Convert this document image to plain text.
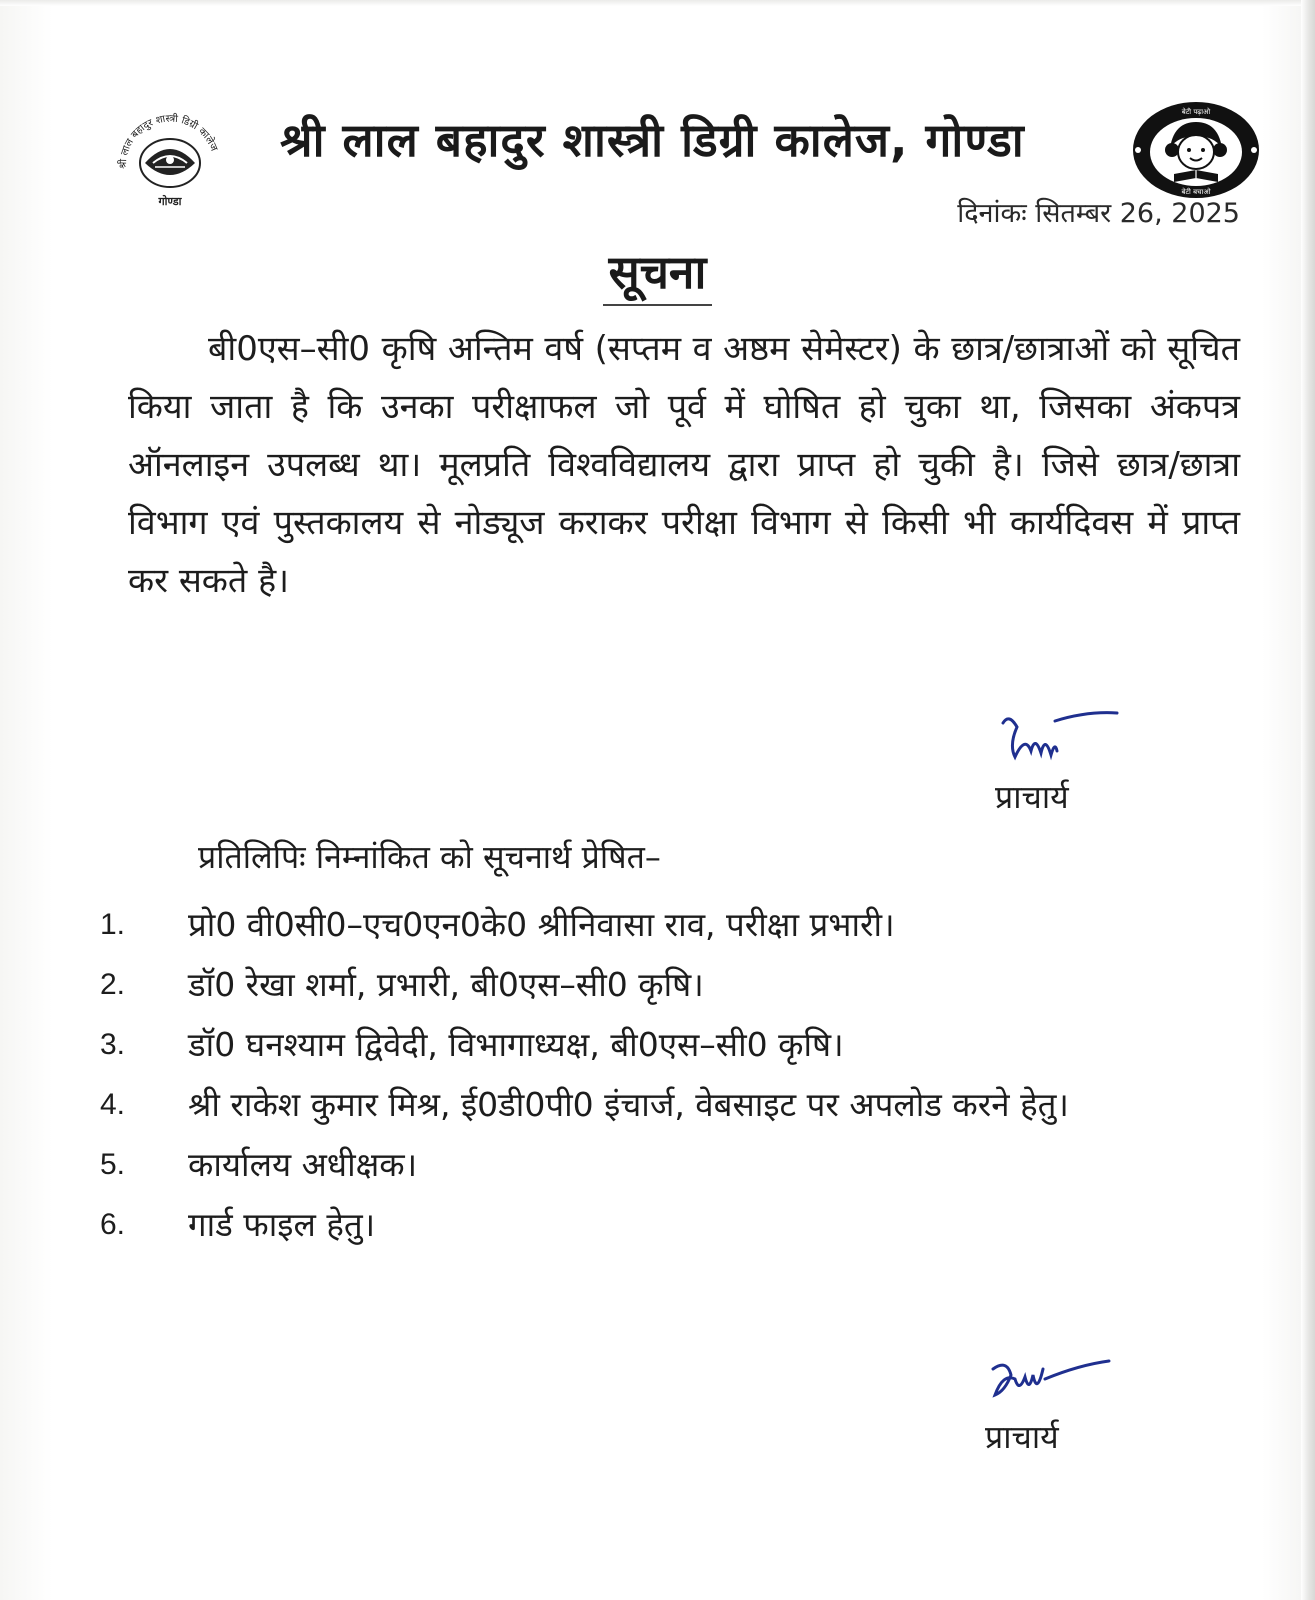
श्री लाल बहादुर शास्त्री डिग्री कालेज
गोण्डा
श्री लाल बहादुर शास्त्री डिग्री कालेज, गोण्डा
बेटी पढ़ाओ
बेटी बचाओ
दिनांकः सितम्बर 26, 2025
सूचना
बी0एस–सी0 कृषि अन्तिम वर्ष (सप्तम व अष्ठम सेमेस्टर) के छात्र/छात्राओं को सूचित किया जाता है कि उनका परीक्षाफल जो पूर्व में घोषित हो चुका था, जिसका अंकपत्र ऑनलाइन उपलब्ध था। मूलप्रति विश्वविद्यालय द्वारा प्राप्त हो चुकी है। जिसे छात्र/छात्रा विभाग एवं पुस्तकालय से नोड्यूज कराकर परीक्षा विभाग से किसी भी कार्यदिवस में प्राप्त कर सकते है।
प्राचार्य
प्रतिलिपिः निम्नांकित को सूचनार्थ प्रेषित–
1.	प्रो0 वी0सी0–एच0एन0के0 श्रीनिवासा राव, परीक्षा प्रभारी।
2.	डॉ0 रेखा शर्मा, प्रभारी, बी0एस–सी0 कृषि।
3.	डॉ0 घनश्याम द्विवेदी, विभागाध्यक्ष, बी0एस–सी0 कृषि।
4.	श्री राकेश कुमार मिश्र, ई0डी0पी0 इंचार्ज, वेबसाइट पर अपलोड करने हेतु।
5.	कार्यालय अधीक्षक।
6.	गार्ड फाइल हेतु।
प्राचार्य
